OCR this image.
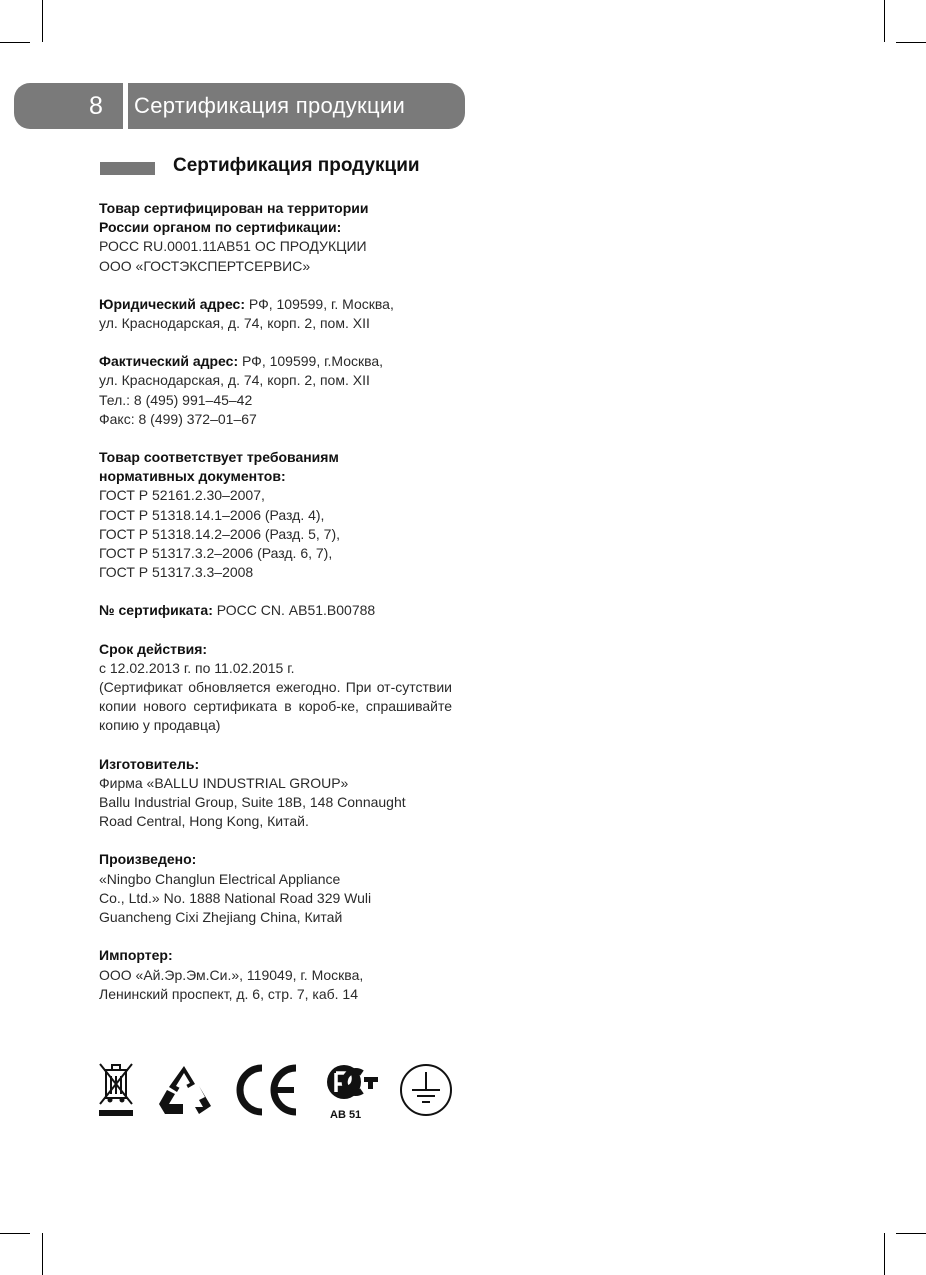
8	Сертификация продукции
Сертификация продукции
Товар сертифицирован на территории
России органом по сертификации:
РОСС RU.0001.11АВ51 ОС ПРОДУКЦИИ
ООО «ГОСТЭКСПЕРТСЕРВИС»
Юридический адрес: РФ, 109599, г. Москва,
ул. Краснодарская, д. 74, корп. 2, пом. XII
Фактический адрес: РФ, 109599, г.Москва,
ул. Краснодарская, д. 74, корп. 2, пом. XII
Тел.: 8 (495) 991–45–42
Факс: 8 (499) 372–01–67
Товар соответствует требованиям
нормативных документов:
ГОСТ Р 52161.2.30–2007,
ГОСТ Р 51318.14.1–2006 (Разд. 4),
ГОСТ Р 51318.14.2–2006 (Разд. 5, 7),
ГОСТ Р 51317.3.2–2006 (Разд. 6, 7),
ГОСТ Р 51317.3.3–2008
№ сертификата: РОСС CN. АВ51.В00788
Срок действия:
с 12.02.2013 г. по 11.02.2015 г.
(Сертификат обновляется ежегодно. При от-сутствии копии нового сертификата в короб-ке, спрашивайте копию у продавца)
Изготовитель:
Фирма «BALLU INDUSTRIAL GROUP»
Ballu Industrial Group, Suite 18B, 148 Connaught
Road Central, Hong Kong, Китай.
Произведено:
«Ningbo Changlun Electrical Appliance
Co., Ltd.» No. 1888 National Road 329 Wuli
Guancheng Cixi Zhejiang China, Китай
Импортер:
ООО «Ай.Эр.Эм.Си.», 119049, г. Москва,
Ленинский проспект, д. 6, стр. 7, каб. 14
АВ 51
